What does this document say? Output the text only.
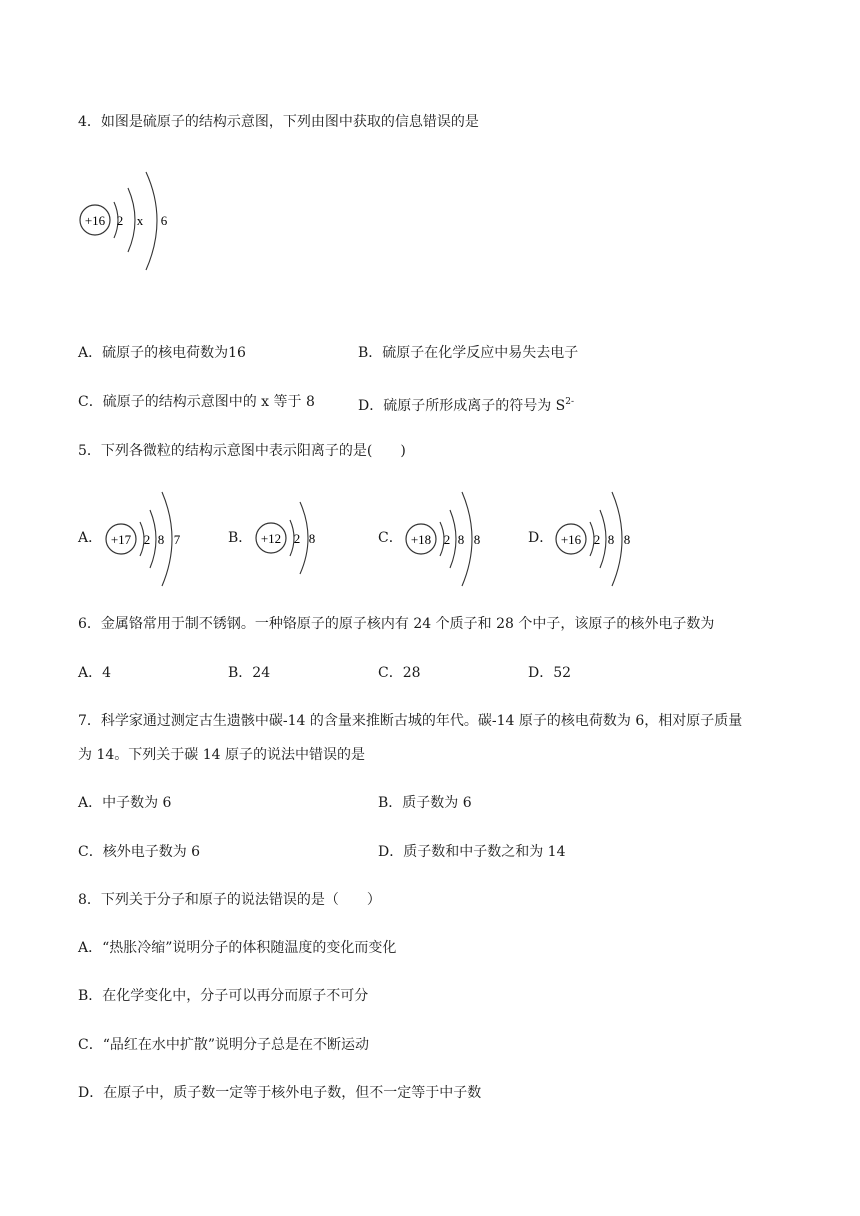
4．如图是硫原子的结构示意图，下列由图中获取的信息错误的是
+16 2 x 6
A．硫原子的核电荷数为16	B．硫原子在化学反应中易失去电子
C．硫原子的结构示意图中的 x 等于 8	D．硫原子所形成离子的符号为 $S^{2-}$
5．下列各微粒的结构示意图中表示阳离子的是(　　)
A． +17 2 8 7	B． +12 2 8	C． +18 2 8 8	D． +16 2 8 8
6．金属铬常用于制不锈钢。一种铬原子的原子核内有 24 个质子和 28 个中子，该原子的核外电子数为
A．4	B．24	C．28	D．52
7．科学家通过测定古生遗骸中碳-14 的含量来推断古城的年代。碳-14 原子的核电荷数为 6，相对原子质量
为 14。下列关于碳 14 原子的说法中错误的是
A．中子数为 6	B．质子数为 6
C．核外电子数为 6	D．质子数和中子数之和为 14
8．下列关于分子和原子的说法错误的是（　　）
A．“热胀冷缩”说明分子的体积随温度的变化而变化
B．在化学变化中，分子可以再分而原子不可分
C．“品红在水中扩散”说明分子总是在不断运动
D．在原子中，质子数一定等于核外电子数，但不一定等于中子数
